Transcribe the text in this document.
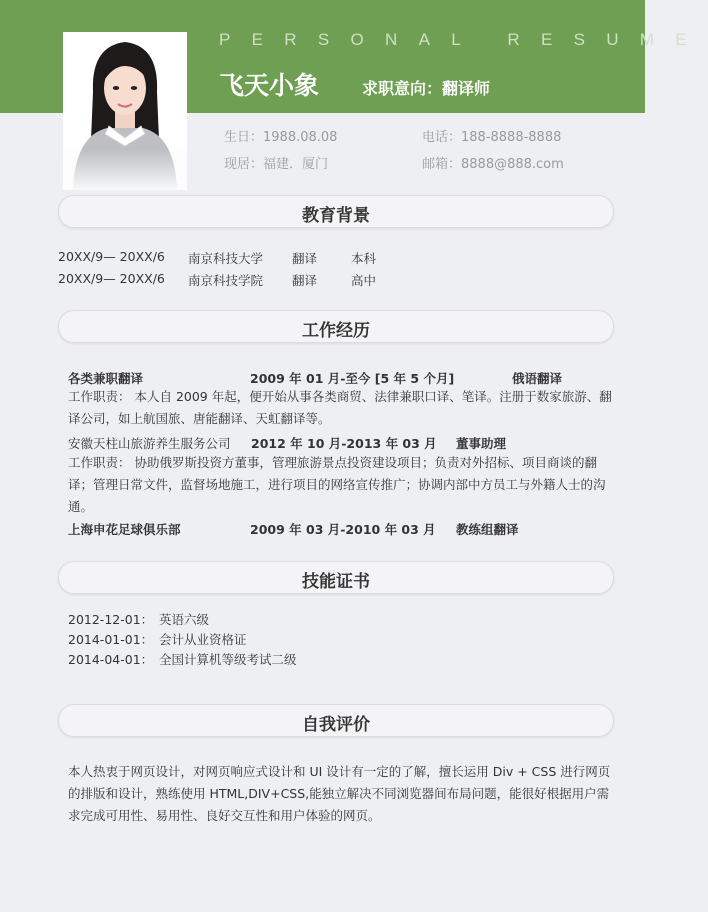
PERSONAL RESUME
飞天小象	求职意向：翻译师
生日：1988.08.08	电话：188-8888-8888
现居：福建．厦门	邮箱：8888@888.com
教育背景
20XX/9— 20XX/6 南京科技大学 翻译	本科
20XX/9— 20XX/6 南京科技学院 翻译	高中
工作经历
各类兼职翻译	2009 年 01 月-至今 [5 年 5 个月]	俄语翻译
工作职责： 本人自 2009 年起，便开始从事各类商贸、法律兼职口译、笔译。注册于数家旅游、翻译公司，如上航国旅、唐能翻译、天虹翻译等。
安徽天柱山旅游养生服务公司 2012 年 10 月-2013 年 03 月 董事助理
工作职责： 协助俄罗斯投资方董事，管理旅游景点投资建设项目；负责对外招标、项目商谈的翻译；管理日常文件，监督场地施工，进行项目的网络宣传推广；协调内部中方员工与外籍人士的沟通。
上海申花足球俱乐部	2009 年 03 月-2010 年 03 月 教练组翻译
技能证书
2012-12-01： 英语六级
2014-01-01： 会计从业资格证
2014-04-01： 全国计算机等级考试二级
自我评价
本人热衷于网页设计，对网页响应式设计和 UI 设计有一定的了解，擅长运用 Div + CSS 进行网页的排版和设计，熟练使用 HTML,DIV+CSS,能独立解决不同浏览器间布局问题，能很好根据用户需求完成可用性、易用性、良好交互性和用户体验的网页。
